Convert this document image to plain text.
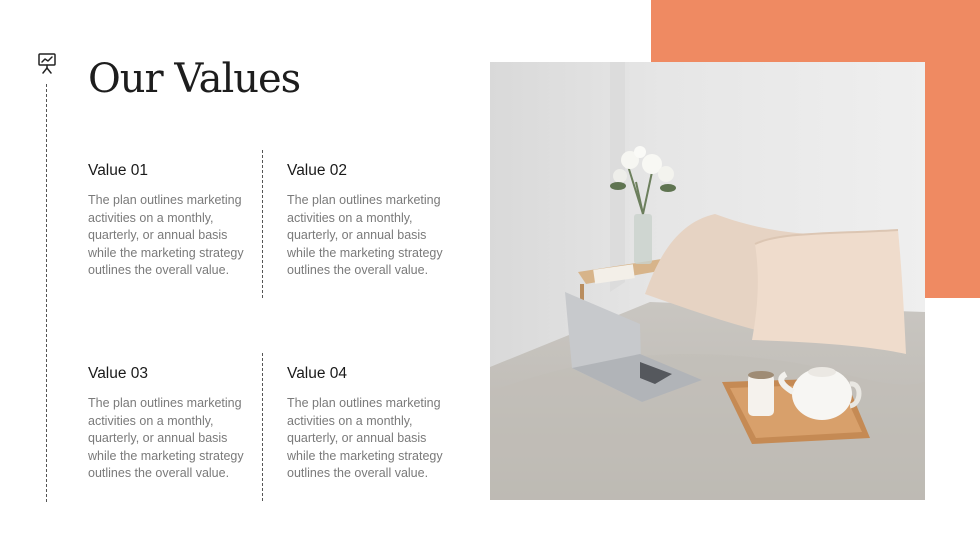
Our Values
Value 01

The plan outlines marketing activities on a monthly, quarterly, or annual basis while the marketing strategy outlines the overall value.

Value 02

The plan outlines marketing activities on a monthly, quarterly, or annual basis while the marketing strategy outlines the overall value.

Value 03

The plan outlines marketing activities on a monthly, quarterly, or annual basis while the marketing strategy outlines the overall value.

Value 04

The plan outlines marketing activities on a monthly, quarterly, or annual basis while the marketing strategy outlines the overall value.
